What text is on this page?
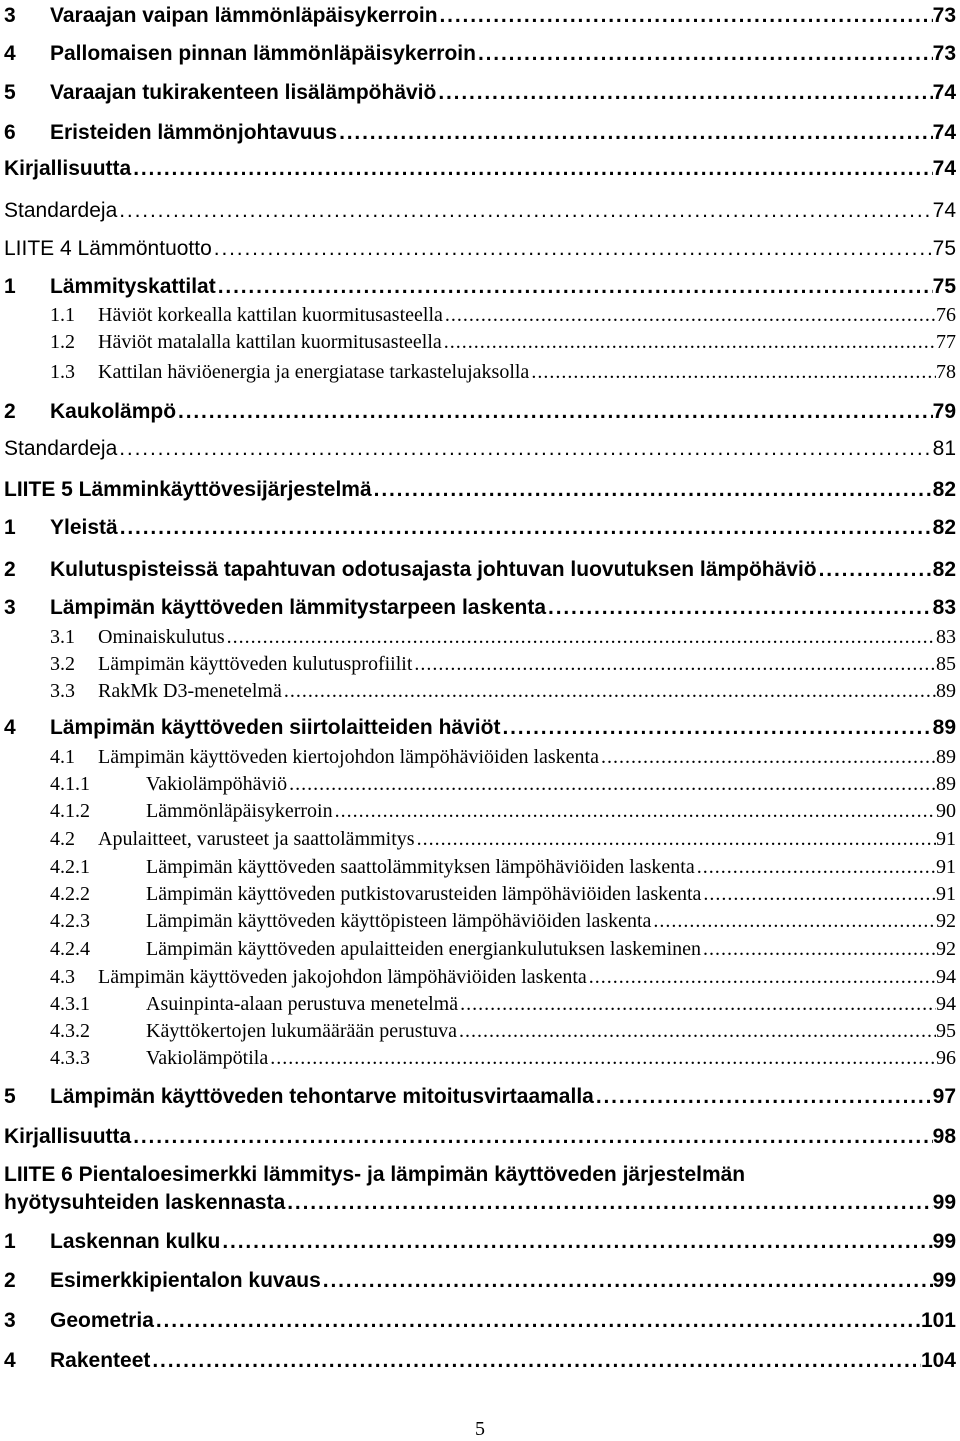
3	Varaajan vaipan lämmönläpäisykerroin . . .	73
4	Pallomaisen pinnan lämmönläpäisykerroin . . .	73
5	Varaajan tukirakenteen lisälämpöhäviö . . .	74
6	Eristeiden lämmönjohtavuus . . .	74
Kirjallisuutta . . .	74
Standardeja . . .	74
LIITE 4 Lämmöntuotto . . .	75
1	Lämmityskattilat . . .	75
1.1	Häviöt korkealla kattilan kuormitusasteella . . .	76
1.2	Häviöt matalalla kattilan kuormitusasteella . . .	77
1.3	Kattilan häviöenergia ja energiatase tarkastelujaksolla . . .	78
2	Kaukolämpö . . .	79
Standardeja . . .	81
LIITE 5 Lämminkäyttövesijärjestelmä . . .	82
1	Yleistä . . .	82
2	Kulutuspisteissä tapahtuvan odotusajasta johtuvan luovutuksen lämpöhäviö . . .	82
3	Lämpimän käyttöveden lämmitystarpeen laskenta . . .	83
3.1	Ominaiskulutus . . .	83
3.2	Lämpimän käyttöveden kulutusprofiilit . . .	85
3.3	RakMk D3-menetelmä . . .	89
4	Lämpimän käyttöveden siirtolaitteiden häviöt . . .	89
4.1	Lämpimän käyttöveden kiertojohdon lämpöhäviöiden laskenta . . .	89
4.1.1	Vakiolämpöhäviö . . .	89
4.1.2	Lämmönläpäisykerroin . . .	90
4.2	Apulaitteet, varusteet ja saattolämmitys . . .	91
4.2.1	Lämpimän käyttöveden saattolämmityksen lämpöhäviöiden laskenta . . .	91
4.2.2	Lämpimän käyttöveden putkistovarusteiden lämpöhäviöiden laskenta . . .	91
4.2.3	Lämpimän käyttöveden käyttöpisteen lämpöhäviöiden laskenta . . .	92
4.2.4	Lämpimän käyttöveden apulaitteiden energiankulutuksen laskeminen . . .	92
4.3	Lämpimän käyttöveden jakojohdon lämpöhäviöiden laskenta . . .	94
4.3.1	Asuinpinta-alaan perustuva menetelmä . . .	94
4.3.2	Käyttökertojen lukumäärään perustuva . . .	95
4.3.3	Vakiolämpötila . . .	96
5	Lämpimän käyttöveden tehontarve mitoitusvirtaamalla . . .	97
Kirjallisuutta . . .	98
LIITE 6 Pientaloesimerkki lämmitys- ja lämpimän käyttöveden järjestelmän
hyötysuhteiden laskennasta . . .	99
1	Laskennan kulku . . .	99
2	Esimerkkipientalon kuvaus . . .	99
3	Geometria . . .	101
4	Rakenteet . . .	104
5
